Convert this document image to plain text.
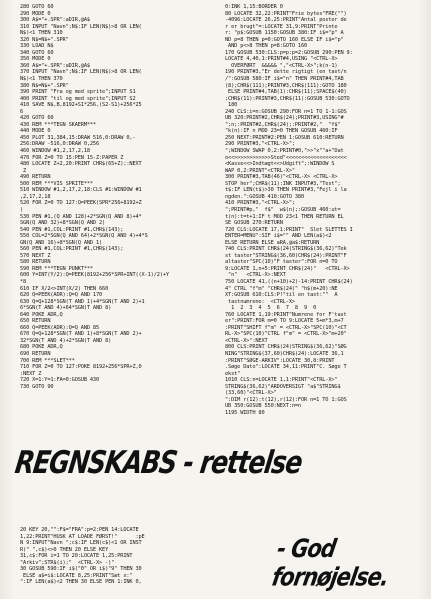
280 GOTO 60
290 MODE 0
300 A$="+.SPR":aDIR,@A$
310 INPUT "Navn";N$:IF LEN(N$)>8 OR LEN(
N$)<1 THEN 310
320 N$=N$+".SPR"
330 LOAD N$
340 GOTO 60
350 MODE 0
360 A$="+.SPR":aDIR,@A$
370 INPUT "Navn";N$:IF LEN(N$)>8 OR LEN(
N$)<1 THEN 370
380 N$=N$+".SPR"
390 PRINT "Fra og med sprite";INPUT S1
400 PRINT "til og med sprite";INPUT S2
410 SAVE N$,B,8192+S1*256,(S2-S1)+256*25
6
420 GOTO 60
430 REM ***TEGN SKAERM***
440 MODE 0
450 PLOT 31,384,15:DRAW 516,0:DRAW 0,-
256:DRAW -516,0:DRAW 0,256
460 WINDOW #1,2,17,2,18
470 FOR Z=0 TO 15:PEN 15-Z:PAPER Z
480 LOCATE Z+2,20:PRINT CHR$(65+Z);:NEXT
Z
490 RETURN
500 REM ***VIS SPRITE***
510 WINDOW #1,2,17,2,18:CLS #1:WINDOW #1
,2,17,2,18
520 FOR Z=0 TO 127:Q=PEEK(SPR*256+8192+Z
)
530 PEN #1,(Q AND 128)+2*SGN(Q AND 8)+4*
SGN(Q AND 32)+8*SGN(Q AND 2)
540 PEN #1,COL:PRINT #1,CHR$(143);
550 COL=2*SGN(Q AND 64)+2*SGN(Q AND 4)+4*S
GN(Q AND 16)+8*SGN(Q AND 1)
560 PEN #1,COL:PRINT #1,CHR$(143);
570 NEXT Z
580 RETURN
590 REM ***TEGN PUNKT***
600 Y=INT(Y/2):Q=PEEK(8192+256*SPR+INT((X-1)/2)+Y
*8
610 IF X/2<>INT(X/2) THEN 660
620 Q=PEEK(ADR):Q=Q AND 170
630 Q=Q+128*SGN(T AND 1)+4*SGN(T AND 2)+1
6*SGN(T AND 4)+64*SGN(T AND 8)
640 POKE ADR,Q
650 RETURN
660 Q=PEEK(ADR):Q=Q AND 85
670 Q=Q+128*SGN(T AND 1)+8*SGN(T AND 2)+
32*SGN(T AND 4)+2*SGN(T AND 8)
680 POKE ADR,Q
690 RETURN
700 REM ***SLET***
710 FOR Z=0 TO 127:POKE 8192+256*SPR+Z,0
:NEXT Z
720 X=1:Y=1:FA=0:GOSUB 430
730 GOTO 90
REGNSKABS - rettelse
20 KEY 20,"":F$="FRA":p=2:PEN 14:LOCATE
1,22:PRINT"HUSK AT LOADE FØRST!"      :pE
N 9:INPUT"Navn ";c$:IF LEN(c$)<1 OR INST
R(" ",c$)<>0 THEN 20 ELSE KEY
31,c$:FOR i=1 TO 20:LOCATE 1,25:PRINT
"Arkiv";STR$(i);"  <CTRL-X> -)"
30 GOSUB 590:IF i$("0" OR i$)"9" THEN 30
ELSE a$=i$:LOCATE 8,25:PRINT"Sæt x:"
":IF LEN(a$)<2 THEN 30 ELSE PEN 1:INK 0,
0:INK 1,15:BORDER 0
80 LOCATE 32,22:PRINT"Frie bytes"FRE("")
-4096:LOCATE 26,25:PRINT"Antal poster de
r er brugt"=:LOCATE 31,9:PRINT"Printe
r: "p$:GOSUB 1150:GOSUB 380:IF i$="p" A
ND p=8 THEN p=0:GOTO 160 ELSE IF i$="p"
AND p<>8 THEN p=8:GOTO 160
170 GOSUB 530:CLS:p=p:p=2:GOSUB 290:PEN 9:
LOCATE 4,40,1:PRINT#4,USING "<CTRL-X>
OVERFØRT  &&&&& ","<CTRL-X>";k(n-1)
190 PRINT#3,"Er dette rigtigt (en tast/n
/":GOSUB 580:IF i$="n" THEN PRINT#4,TAB
(8);CHR$(111);PRINT#3,CHR$(111):GOTO 180
ELSE PRINT#4,TAB(1):CHR$(11);SPACE$(40)
;CHR$(11):PRINT#3,CHR$(11):GOSUB 530:GOTO
180
240 CLS:i=n:GOSUB 290:FOR n=1 TO 1-1:GOS
UB 320:PRINT#2,CHR$(24);PRINT#3,USING"#
";n;:PRINT#2,CHR$(24);:PRINT#2,"  "f$"
"k(n):IF n MOD 23=0 THEN GOSUB 460:IF
250 NEXT:PRINT#2:PEN 1:GOSUB 610:RETURN
290 PRINT#3,"<CTRL-X>";
";WINDOW SWAP 0,2:PRINT#0,">>"x""a+"Dat
o<<>>>>>>>>>>>>Sted"<<<<<<<<<<<<<<<<<<<<
<Kasse<<>Indtægt<<>Udgift";:WINDOW S
WAP 0,2:PRINT"<CTRL-X>"
300 PRINT#3,TAB(46)"<CTRL-X> <CTRL-X>
STOP her";CHR$(11):INK INPUT#3,"Test";
t$:IF LEN(t$)>30 THEN PRINT#3,"Fejl i la
ngden.":GOSUB 410:GOTO 380
410 PRINT#3,"<CTRL-X>";
";PRINT#p,"  f$"  w$(n);:GOSUB 460:ut=
t(n):t=t+1:IF t MOD 23<1 THEN RETURN EL
SE GOSUB 270:RETURN
720 CLS:LOCATE 17,1:PRINT"  Slet SLETTES I
ENTER=MENU":SIF i$="" AND LEN(a$)<2
ELSE RETURN ELSE aRA,@a$:RETURN
740 CLS:PRINT CHR$(24)STRING$(36,62)"Tek
st taster"STRING$(36,60)CHR$(24):PRINT"F
altaster"SPC(10)"F taster":FOR n=0 TO
9:LOCATE 1,n+5:PRINT CHR$(24)"   <CTRL-X>
"n"   <CTRL-X>:NEXT
750 LOCATE 41,((n+10)+2)-14:PRINT CHR$(24)
4" CTRL "f"m" "CHR$(24)" "h$(m+20):NE
XT:GOSUB 610:CLS:P!"til en tast:""  A
tastnumrene:  <CTRL-X>
1  2  3  4  5  6  7  8  9  0
760 LOCATE 1,19:PRINT"Numrene for F'tast
er":PRINT:FOR m=0 TO 9:LOCATE 5+m*3,m+7
:PRINT"SHIFT f"m" = <CTRL-X>"SPC(10)"<CT
RL-X>"SPC(10)"CTRL f"m" = <CTRL-X>"m+20"
<CTRL-X>":NEXT
800 CLS:PRINT CHR$(24)STRING$(36,62)"SØG
NING"STRING$(37,60)CHR$(24):LOCATE 36,1
:PRINT"SØGE-ARKIV":LOCATE 30,8:PRINT
.Søge Dato":LOCATE 34,11:PRINT"C. Søge T
ekst"
1010 CLS:n=LOCATE 1,1:PRINT"<CTRL-X>"
STRING$(36,62)"ARDOVERSIGT "a$"STRING$
(33,60)"<CTRL-X>"
":DIM r(12):t(12),r(12):FOR n=1 TO 1:GOS
UB 350:GOSUB 550:NEXT:n=n
1195 WIDTH 80
- God fornøjelse.
